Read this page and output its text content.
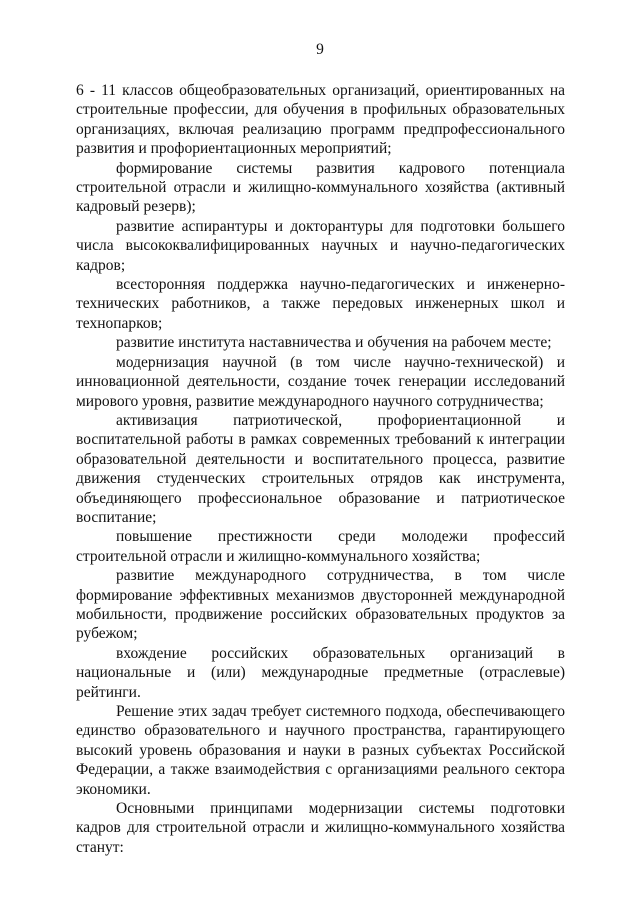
9

6 - 11 классов общеобразовательных организаций, ориентированных на строительные профессии, для обучения в профильных образовательных организациях, включая реализацию программ предпрофессионального развития и профориентационных мероприятий;

формирование системы развития кадрового потенциала строительной отрасли и жилищно-коммунального хозяйства (активный кадровый резерв);

развитие аспирантуры и докторантуры для подготовки большего числа высококвалифицированных научных и научно-педагогических кадров;

всесторонняя поддержка научно-педагогических и инженерно-технических работников, а также передовых инженерных школ и технопарков;

развитие института наставничества и обучения на рабочем месте;

модернизация научной (в том числе научно-технической) и инновационной деятельности, создание точек генерации исследований мирового уровня, развитие международного научного сотрудничества;

активизация патриотической, профориентационной и воспитательной работы в рамках современных требований к интеграции образовательной деятельности и воспитательного процесса, развитие движения студенческих строительных отрядов как инструмента, объединяющего профессиональное образование и патриотическое воспитание;

повышение престижности среди молодежи профессий строительной отрасли и жилищно-коммунального хозяйства;

развитие международного сотрудничества, в том числе формирование эффективных механизмов двусторонней международной мобильности, продвижение российских образовательных продуктов за рубежом;

вхождение российских образовательных организаций в национальные и (или) международные предметные (отраслевые) рейтинги.

Решение этих задач требует системного подхода, обеспечивающего единство образовательного и научного пространства, гарантирующего высокий уровень образования и науки в разных субъектах Российской Федерации, а также взаимодействия с организациями реального сектора экономики.

Основными принципами модернизации системы подготовки кадров для строительной отрасли и жилищно-коммунального хозяйства станут:
